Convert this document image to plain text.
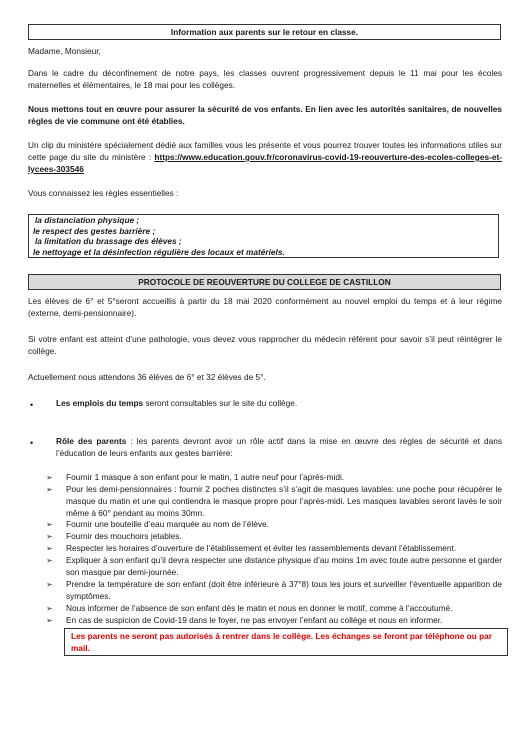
Information aux parents sur le retour en classe.
Madame, Monsieur,
Dans le cadre du déconfinement de notre pays, les classes ouvrent progressivement depuis le 11 mai pour les écoles maternelles et élémentaires, le 18 mai pour les collèges.
Nous mettons tout en œuvre pour assurer la sécurité de vos enfants. En lien avec les autorités sanitaires, de nouvelles règles de vie commune ont été établies.
Un clip du ministère spécialement dédié aux familles vous les présente et vous pourrez trouver toutes les informations utiles sur cette page du site du ministère : https://www.education.gouv.fr/coronavirus-covid-19-reouverture-des-ecoles-colleges-et-lycees-303546
Vous connaissez les règles essentielles :
la distanciation physique ;
le respect des gestes barrière ;
la limitation du brassage des élèves ;
le nettoyage et la désinfection régulière des locaux et matériels.
PROTOCOLE DE REOUVERTURE DU COLLEGE DE CASTILLON
Les élèves de 6° et 5°seront accueillis à partir du 18 mai 2020 conformément au nouvel emploi du temps et à leur régime (externe, demi-pensionnaire).
Si votre enfant est atteint d’une pathologie, vous devez vous rapprocher du médecin référent pour savoir s’il peut réintégrer le collège.
Actuellement nous attendons 36 élèves de 6° et 32 élèves de 5°.
•	Les emplois du temps seront consultables sur le site du collège.
•	Rôle des parents : les parents devront avoir un rôle actif dans la mise en œuvre des règles de sécurité et dans l’éducation de leurs enfants aux gestes barrière:
➢ Fournir 1 masque à son enfant pour le matin, 1 autre neuf pour l’après-midi.
➢ Pour les demi-pensionnaires : fournir 2 poches distinctes s’il s’agit de masques lavables: une poche pour récupérer le masque du matin et une qui contiendra le masque propre pour l’après-midi. Les masques lavables seront lavés le soir même à 60° pendant au moins 30mn.
➢ Fournir une bouteille d’eau marquée au nom de l’élève.
➢ Fournir des mouchoirs jetables.
➢ Respecter les horaires d’ouverture de l’établissement et éviter les rassemblements devant l’établissement.
➢ Expliquer à son enfant qu’il devra respecter une distance physique d’au moins 1m avec toute autre personne et garder son masque par demi-journée.
➢ Prendre la température de son enfant (doit être inférieure à 37°8) tous les jours et surveiller l’éventuelle apparition de symptômes.
➢ Nous informer de l’absence de son enfant dès le matin et nous en donner le motif, comme à l’accoutumé.
➢ En cas de suspicion de Covid-19 dans le foyer, ne pas envoyer l’enfant au collège et nous en informer.
Les parents ne seront pas autorisés à rentrer dans le collège. Les échanges se feront par téléphone ou par mail.
